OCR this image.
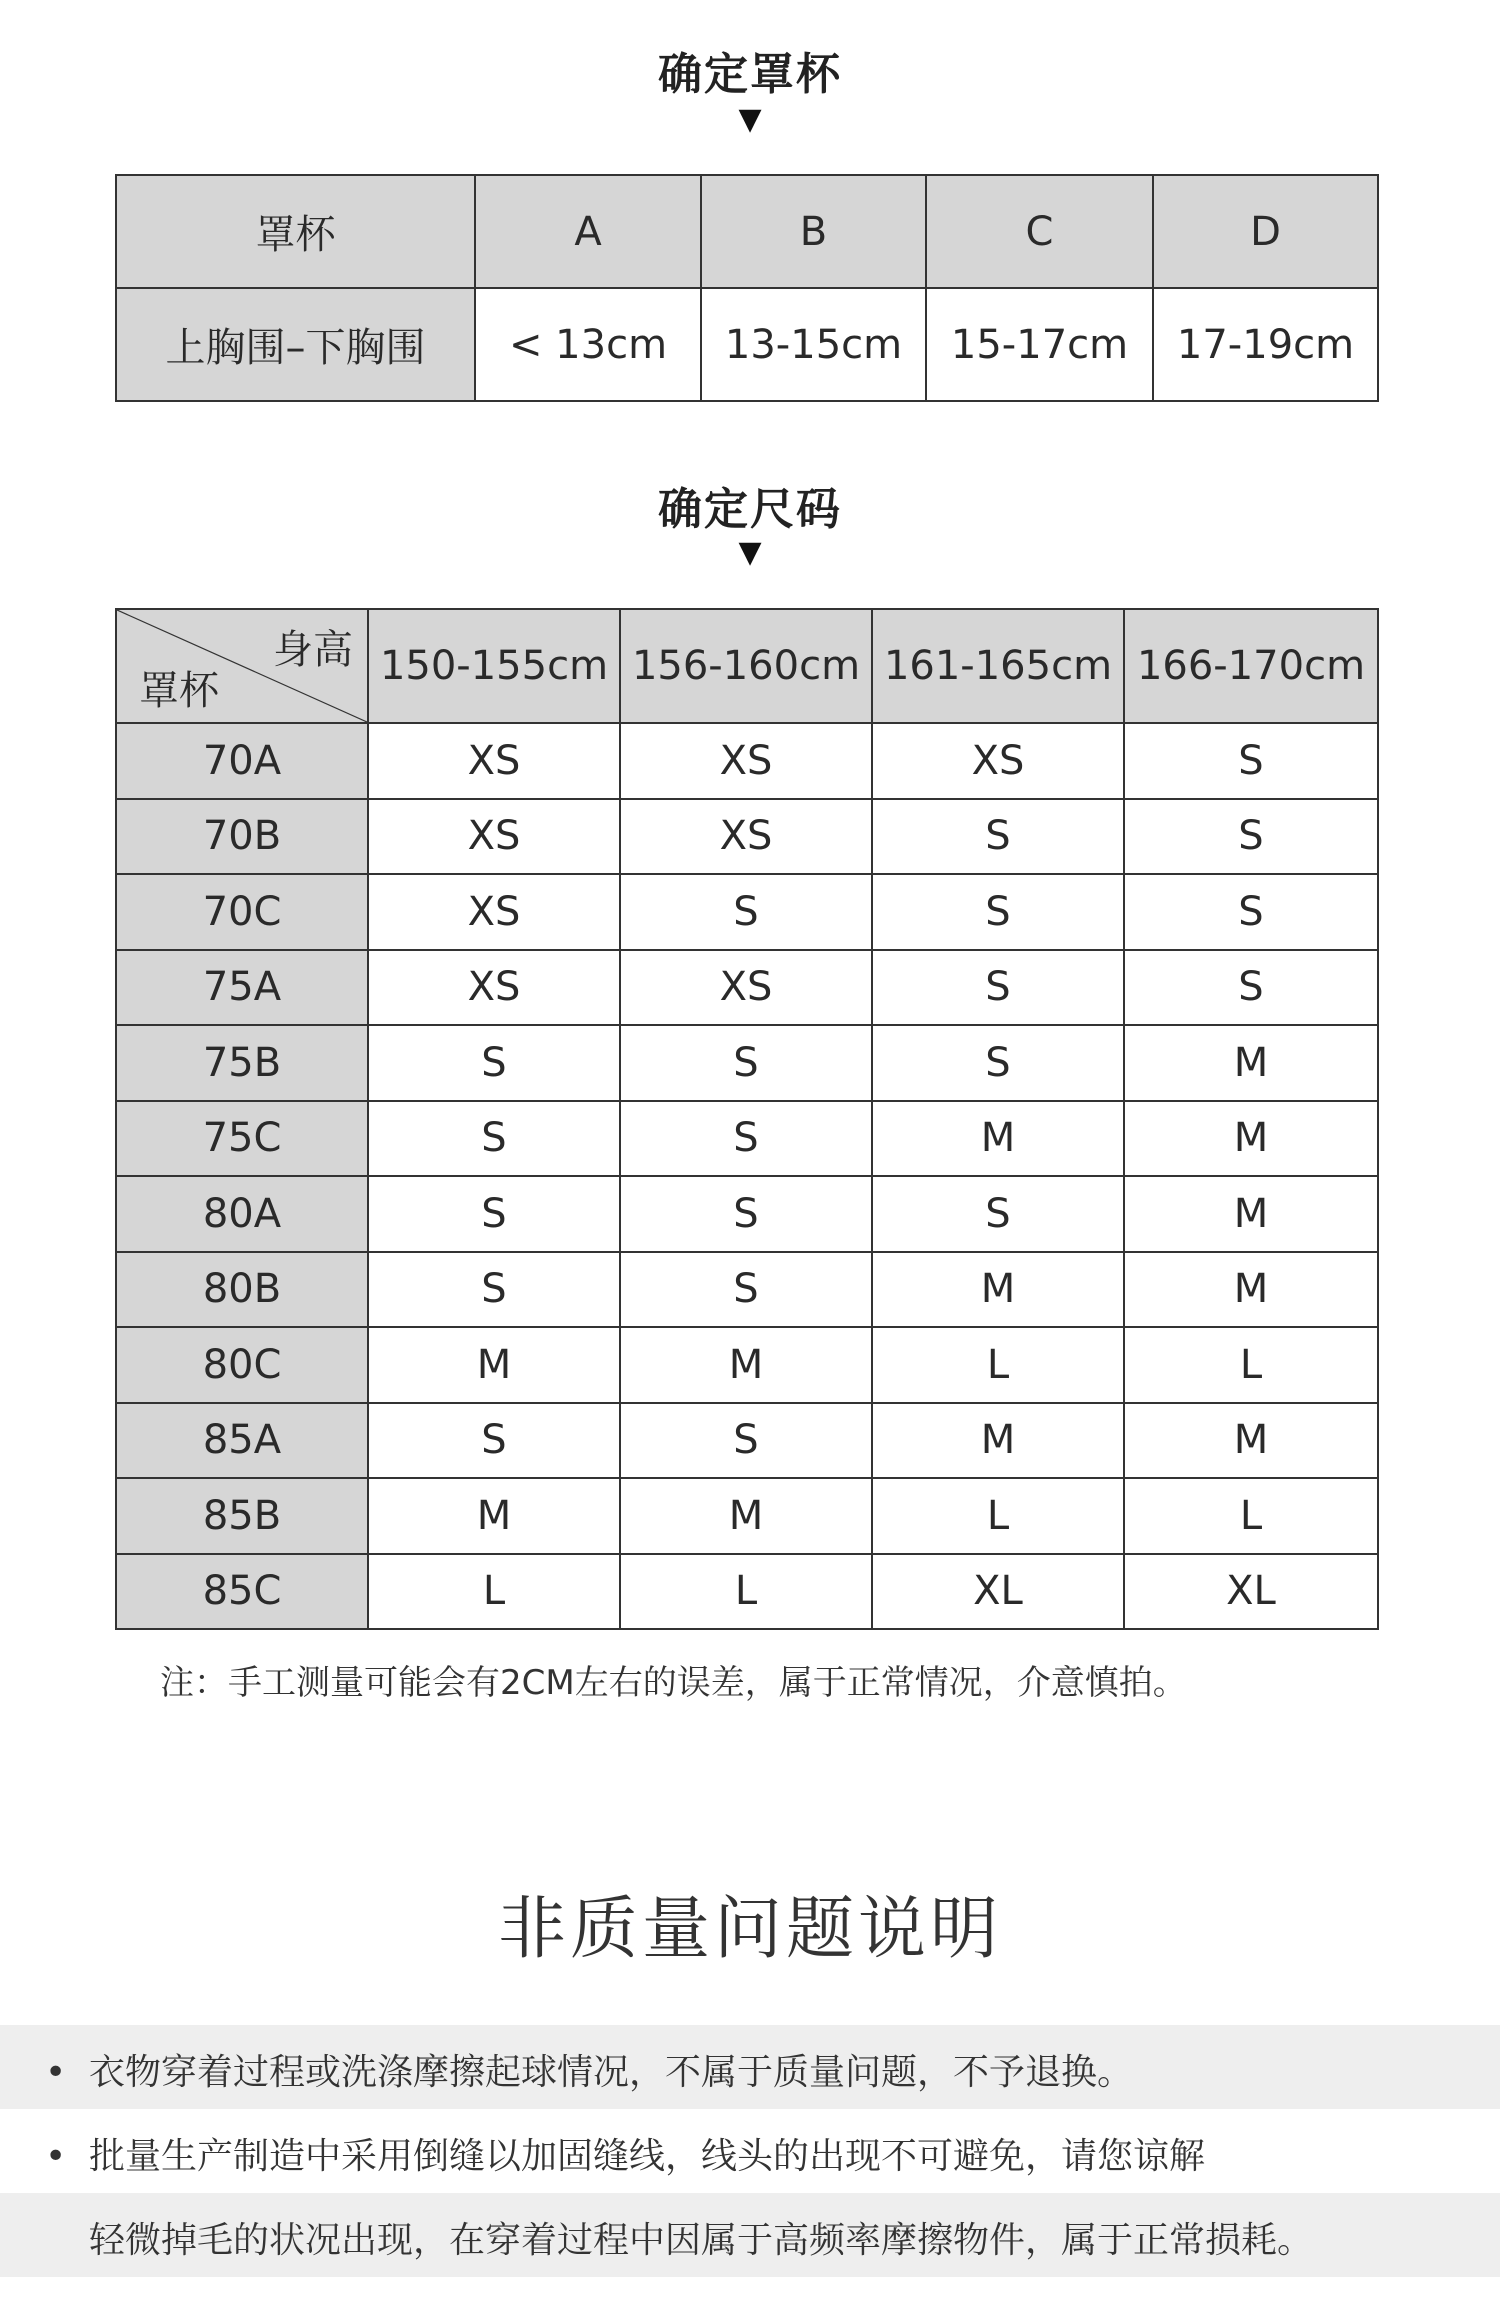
确定罩杯
▼
罩杯	A	B	C	D
上胸围–下胸围	< 13cm	13-15cm	15-17cm	17-19cm
确定尺码
▼
身高
罩杯	150-155cm	156-160cm	161-165cm	166-170cm
70A	XS	XS	XS	S
70B	XS	XS	S	S
70C	XS	S	S	S
75A	XS	XS	S	S
75B	S	S	S	M
75C	S	S	M	M
80A	S	S	S	M
80B	S	S	M	M
80C	M	M	L	L
85A	S	S	M	M
85B	M	M	L	L
85C	L	L	XL	XL
注：手工测量可能会有2CM左右的误差，属于正常情况，介意慎拍。
非质量问题说明
• 衣物穿着过程或洗涤摩擦起球情况，不属于质量问题，不予退换。
• 批量生产制造中采用倒缝以加固缝线，线头的出现不可避免，请您谅解
轻微掉毛的状况出现，在穿着过程中因属于高频率摩擦物件，属于正常损耗。
